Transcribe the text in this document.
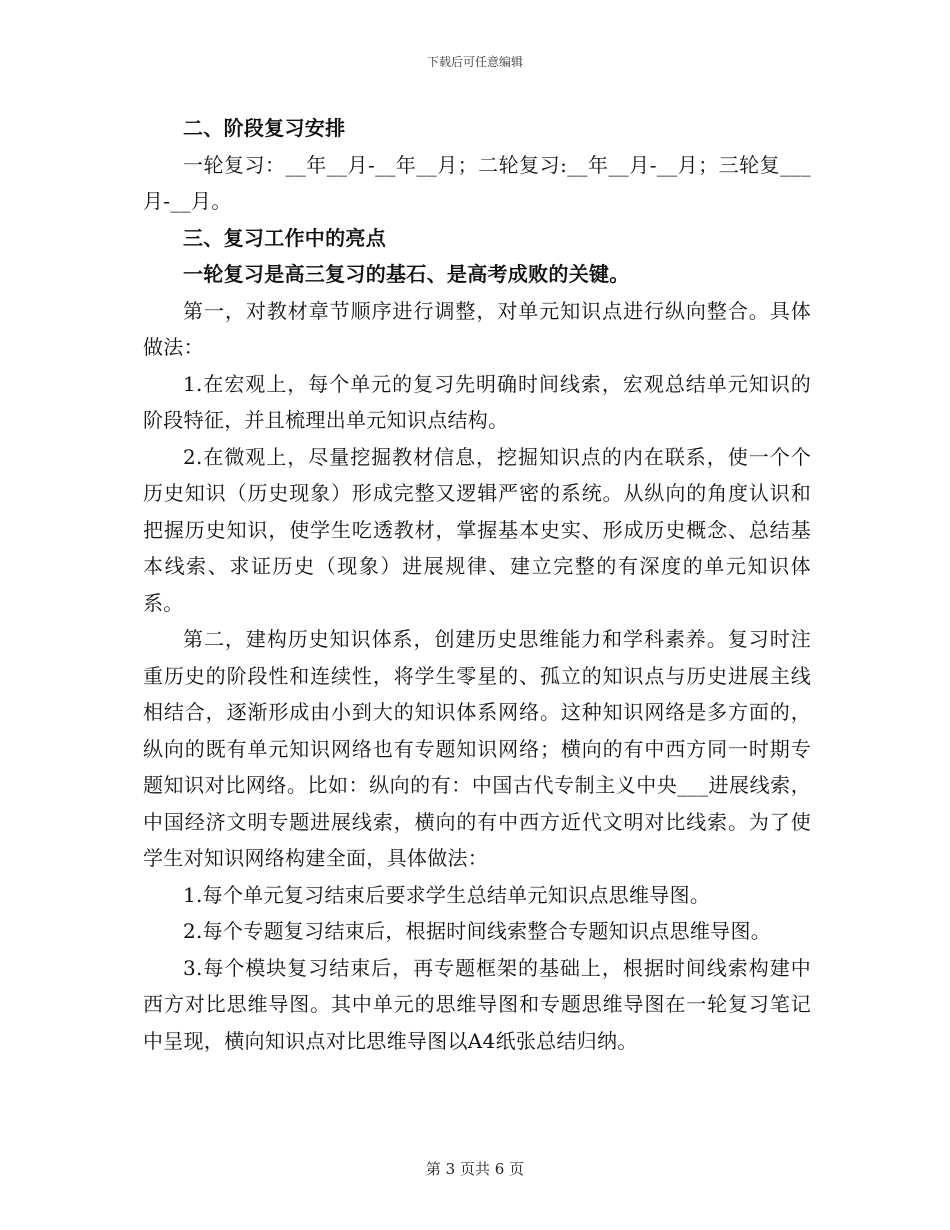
下载后可任意编辑

二、阶段复习安排

一轮复习：__年__月-__年__月；二轮复习:__年__月-__月；三轮复___月-__月。

三、复习工作中的亮点

一轮复习是高三复习的基石、是高考成败的关键。

第一，对教材章节顺序进行调整，对单元知识点进行纵向整合。具体做法：

1.在宏观上，每个单元的复习先明确时间线索，宏观总结单元知识的阶段特征，并且梳理出单元知识点结构。

2.在微观上，尽量挖掘教材信息，挖掘知识点的内在联系，使一个个历史知识（历史现象）形成完整又逻辑严密的系统。从纵向的角度认识和把握历史知识，使学生吃透教材，掌握基本史实、形成历史概念、总结基本线索、求证历史（现象）进展规律、建立完整的有深度的单元知识体系。

第二，建构历史知识体系，创建历史思维能力和学科素养。复习时注重历史的阶段性和连续性，将学生零星的、孤立的知识点与历史进展主线相结合，逐渐形成由小到大的知识体系网络。这种知识网络是多方面的，纵向的既有单元知识网络也有专题知识网络；横向的有中西方同一时期专题知识对比网络。比如：纵向的有：中国古代专制主义中央___进展线索，中国经济文明专题进展线索，横向的有中西方近代文明对比线索。为了使学生对知识网络构建全面，具体做法：

1.每个单元复习结束后要求学生总结单元知识点思维导图。

2.每个专题复习结束后，根据时间线索整合专题知识点思维导图。

3.每个模块复习结束后，再专题框架的基础上，根据时间线索构建中西方对比思维导图。其中单元的思维导图和专题思维导图在一轮复习笔记中呈现，横向知识点对比思维导图以A4纸张总结归纳。

第 3 页共 6 页
